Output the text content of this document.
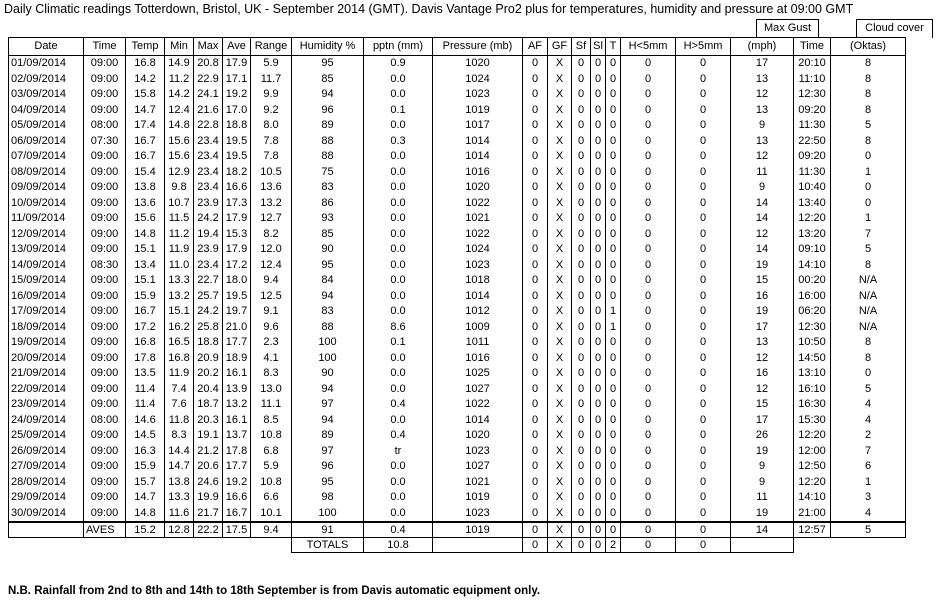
Daily Climatic readings Totterdown, Bristol, UK - September 2014 (GMT). Davis Vantage Pro2 plus for temperatures, humidity and pressure at 09:00 GMT
Max Gust	Cloud cover
Date	Time	Temp	Min	Max	Ave	Range	Humidity %	pptn (mm)	Pressure (mb)	AF	GF	Sf	Sl	T	H<5mm	H>5mm	(mph)	Time	(Oktas)
01/09/2014	09:00	16.8	14.9	20.8	17.9	5.9	95	0.9	1020	0	X	0	0	0	0	0	17	20:10	8
02/09/2014	09:00	14.2	11.2	22.9	17.1	11.7	85	0.0	1024	0	X	0	0	0	0	0	13	11:10	8
03/09/2014	09:00	15.8	14.2	24.1	19.2	9.9	94	0.0	1023	0	X	0	0	0	0	0	12	12:30	8
04/09/2014	09:00	14.7	12.4	21.6	17.0	9.2	96	0.1	1019	0	X	0	0	0	0	0	13	09:20	8
05/09/2014	08:00	17.4	14.8	22.8	18.8	8.0	89	0.0	1017	0	X	0	0	0	0	0	9	11:30	5
06/09/2014	07:30	16.7	15.6	23.4	19.5	7.8	88	0.3	1014	0	X	0	0	0	0	0	13	22:50	8
07/09/2014	09:00	16.7	15.6	23.4	19.5	7.8	88	0.0	1014	0	X	0	0	0	0	0	12	09:20	0
08/09/2014	09:00	15.4	12.9	23.4	18.2	10.5	75	0.0	1016	0	X	0	0	0	0	0	11	11:30	1
09/09/2014	09:00	13.8	9.8	23.4	16.6	13.6	83	0.0	1020	0	X	0	0	0	0	0	9	10:40	0
10/09/2014	09:00	13.6	10.7	23.9	17.3	13.2	86	0.0	1022	0	X	0	0	0	0	0	14	13:40	0
11/09/2014	09:00	15.6	11.5	24.2	17.9	12.7	93	0.0	1021	0	X	0	0	0	0	0	14	12:20	1
12/09/2014	09:00	14.8	11.2	19.4	15.3	8.2	85	0.0	1022	0	X	0	0	0	0	0	12	13:20	7
13/09/2014	09:00	15.1	11.9	23.9	17.9	12.0	90	0.0	1024	0	X	0	0	0	0	0	14	09:10	5
14/09/2014	08:30	13.4	11.0	23.4	17.2	12.4	95	0.0	1023	0	X	0	0	0	0	0	19	14:10	8
15/09/2014	09:00	15.1	13.3	22.7	18.0	9.4	84	0.0	1018	0	X	0	0	0	0	0	15	00:20	N/A
16/09/2014	09:00	15.9	13.2	25.7	19.5	12.5	94	0.0	1014	0	X	0	0	0	0	0	16	16:00	N/A
17/09/2014	09:00	16.7	15.1	24.2	19.7	9.1	83	0.0	1012	0	X	0	0	1	0	0	19	06:20	N/A
18/09/2014	09:00	17.2	16.2	25.8	21.0	9.6	88	8.6	1009	0	X	0	0	1	0	0	17	12:30	N/A
19/09/2014	09:00	16.8	16.5	18.8	17.7	2.3	100	0.1	1011	0	X	0	0	0	0	0	13	10:50	8
20/09/2014	09:00	17.8	16.8	20.9	18.9	4.1	100	0.0	1016	0	X	0	0	0	0	0	12	14:50	8
21/09/2014	09:00	13.5	11.9	20.2	16.1	8.3	90	0.0	1025	0	X	0	0	0	0	0	16	13:10	0
22/09/2014	09:00	11.4	7.4	20.4	13.9	13.0	94	0.0	1027	0	X	0	0	0	0	0	12	16:10	5
23/09/2014	09:00	11.4	7.6	18.7	13.2	11.1	97	0.4	1022	0	X	0	0	0	0	0	15	16:30	4
24/09/2014	08:00	14.6	11.8	20.3	16.1	8.5	94	0.0	1014	0	X	0	0	0	0	0	17	15:30	4
25/09/2014	09:00	14.5	8.3	19.1	13.7	10.8	89	0.4	1020	0	X	0	0	0	0	0	26	12:20	2
26/09/2014	09:00	16.3	14.4	21.2	17.8	6.8	97	tr	1023	0	X	0	0	0	0	0	19	12:00	7
27/09/2014	09:00	15.9	14.7	20.6	17.7	5.9	96	0.0	1027	0	X	0	0	0	0	0	9	12:50	6
28/09/2014	09:00	15.7	13.8	24.6	19.2	10.8	95	0.0	1021	0	X	0	0	0	0	0	9	12:20	1
29/09/2014	09:00	14.7	13.3	19.9	16.6	6.6	98	0.0	1019	0	X	0	0	0	0	0	11	14:10	3
30/09/2014	09:00	14.8	11.6	21.7	16.7	10.1	100	0.0	1023	0	X	0	0	0	0	0	19	21:00	4
	AVES	15.2	12.8	22.2	17.5	9.4	91	0.4	1019	0	X	0	0	0	0	0	14	12:57	5
							TOTALS	10.8		0	X	0	0	2	0	0			
N.B. Rainfall from 2nd to 8th and 14th to 18th September is from Davis automatic equipment only.
